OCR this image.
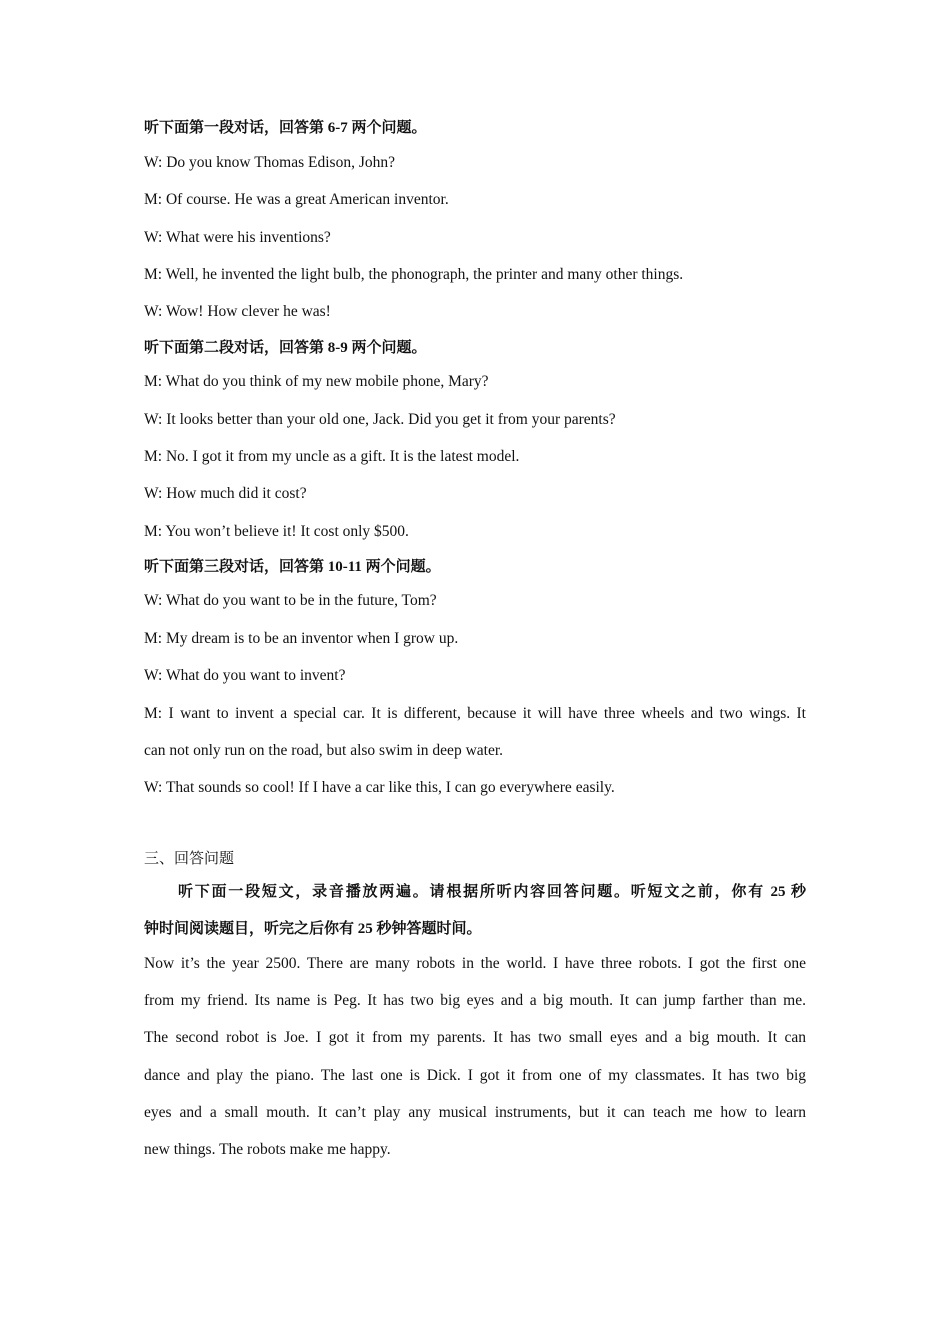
听下面第一段对话，回答第 6-7 两个问题。
W: Do you know Thomas Edison, John?
M: Of course. He was a great American inventor.
W: What were his inventions?
M: Well, he invented the light bulb, the phonograph, the printer and many other things.
W: Wow! How clever he was!
听下面第二段对话，回答第 8-9 两个问题。
M: What do you think of my new mobile phone, Mary?
W: It looks better than your old one, Jack. Did you get it from your parents?
M: No. I got it from my uncle as a gift. It is the latest model.
W: How much did it cost?
M: You won’t believe it! It cost only $500.
听下面第三段对话，回答第 10-11 两个问题。
W: What do you want to be in the future, Tom?
M: My dream is to be an inventor when I grow up.
W: What do you want to invent?
M: I want to invent a special car. It is different, because it will have three wheels and two wings. It
can not only run on the road, but also swim in deep water.
W: That sounds so cool! If I have a car like this, I can go everywhere easily.
三、回答问题
听下面一段短文，录音播放两遍。请根据所听内容回答问题。听短文之前，你有 25 秒
钟时间阅读题目，听完之后你有 25 秒钟答题时间。
Now it’s the year 2500. There are many robots in the world. I have three robots. I got the first one
from my friend. Its name is Peg. It has two big eyes and a big mouth. It can jump farther than me.
The second robot is Joe. I got it from my parents. It has two small eyes and a big mouth. It can
dance and play the piano. The last one is Dick. I got it from one of my classmates. It has two big
eyes and a small mouth. It can’t play any musical instruments, but it can teach me how to learn
new things. The robots make me happy.
